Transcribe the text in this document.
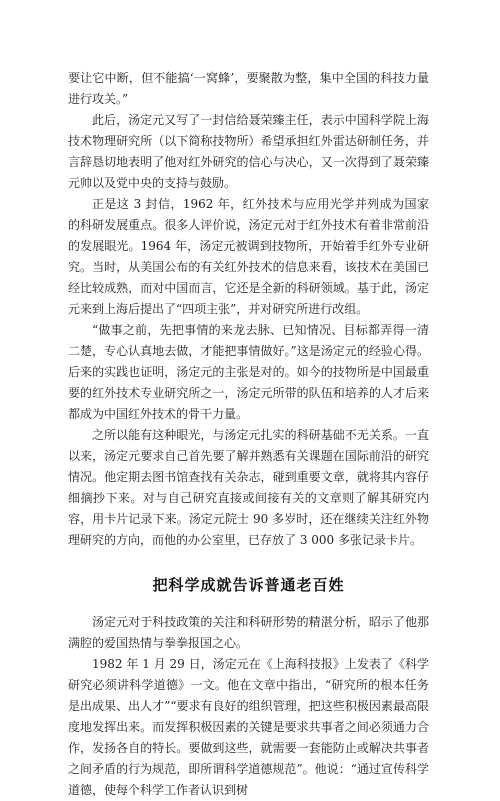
要让它中断，但不能搞‘一窝蜂’，要聚散为整，集中全国的科技力量进行攻关。”

此后，汤定元又写了一封信给聂荣臻主任，表示中国科学院上海技术物理研究所（以下简称技物所）希望承担红外雷达研制任务，并言辞恳切地表明了他对红外研究的信心与决心，又一次得到了聂荣臻元帅以及党中央的支持与鼓励。

正是这 3 封信，1962 年，红外技术与应用光学并列成为国家的科研发展重点。很多人评价说，汤定元对于红外技术有着非常前沿的发展眼光。1964 年，汤定元被调到技物所，开始着手红外专业研究。当时，从美国公布的有关红外技术的信息来看，该技术在美国已经比较成熟，而对中国而言，它还是全新的科研领域。基于此，汤定元来到上海后提出了“四项主张”，并对研究所进行改组。

“做事之前，先把事情的来龙去脉、已知情况、目标都弄得一清二楚，专心认真地去做，才能把事情做好。”这是汤定元的经验心得。后来的实践也证明，汤定元的主张是对的。如今的技物所是中国最重要的红外技术专业研究所之一，汤定元所带的队伍和培养的人才后来都成为中国红外技术的骨干力量。

之所以能有这种眼光，与汤定元扎实的科研基础不无关系。一直以来，汤定元要求自己首先要了解并熟悉有关课题在国际前沿的研究情况。他定期去图书馆查找有关杂志，碰到重要文章，就将其内容仔细摘抄下来。对与自己研究直接或间接有关的文章则了解其研究内容，用卡片记录下来。汤定元院士 90 多岁时，还在继续关注红外物理研究的方向，而他的办公室里，已存放了 3 000 多张记录卡片。

把科学成就告诉普通老百姓

汤定元对于科技政策的关注和科研形势的精湛分析，昭示了他那满腔的爱国热情与拳拳报国之心。

1982 年 1 月 29 日，汤定元在《上海科技报》上发表了《科学研究必须讲科学道德》一文。他在文章中指出，“研究所的根本任务是出成果、出人才”“要求有良好的组织管理，把这些积极因素最高限度地发挥出来。而发挥积极因素的关键是要求共事者之间必须通力合作，发扬各自的特长。要做到这些，就需要一套能防止或解决共事者之间矛盾的行为规范，即所谓科学道德规范”。他说：“通过宣传科学道德，使每个科学工作者认识到树
